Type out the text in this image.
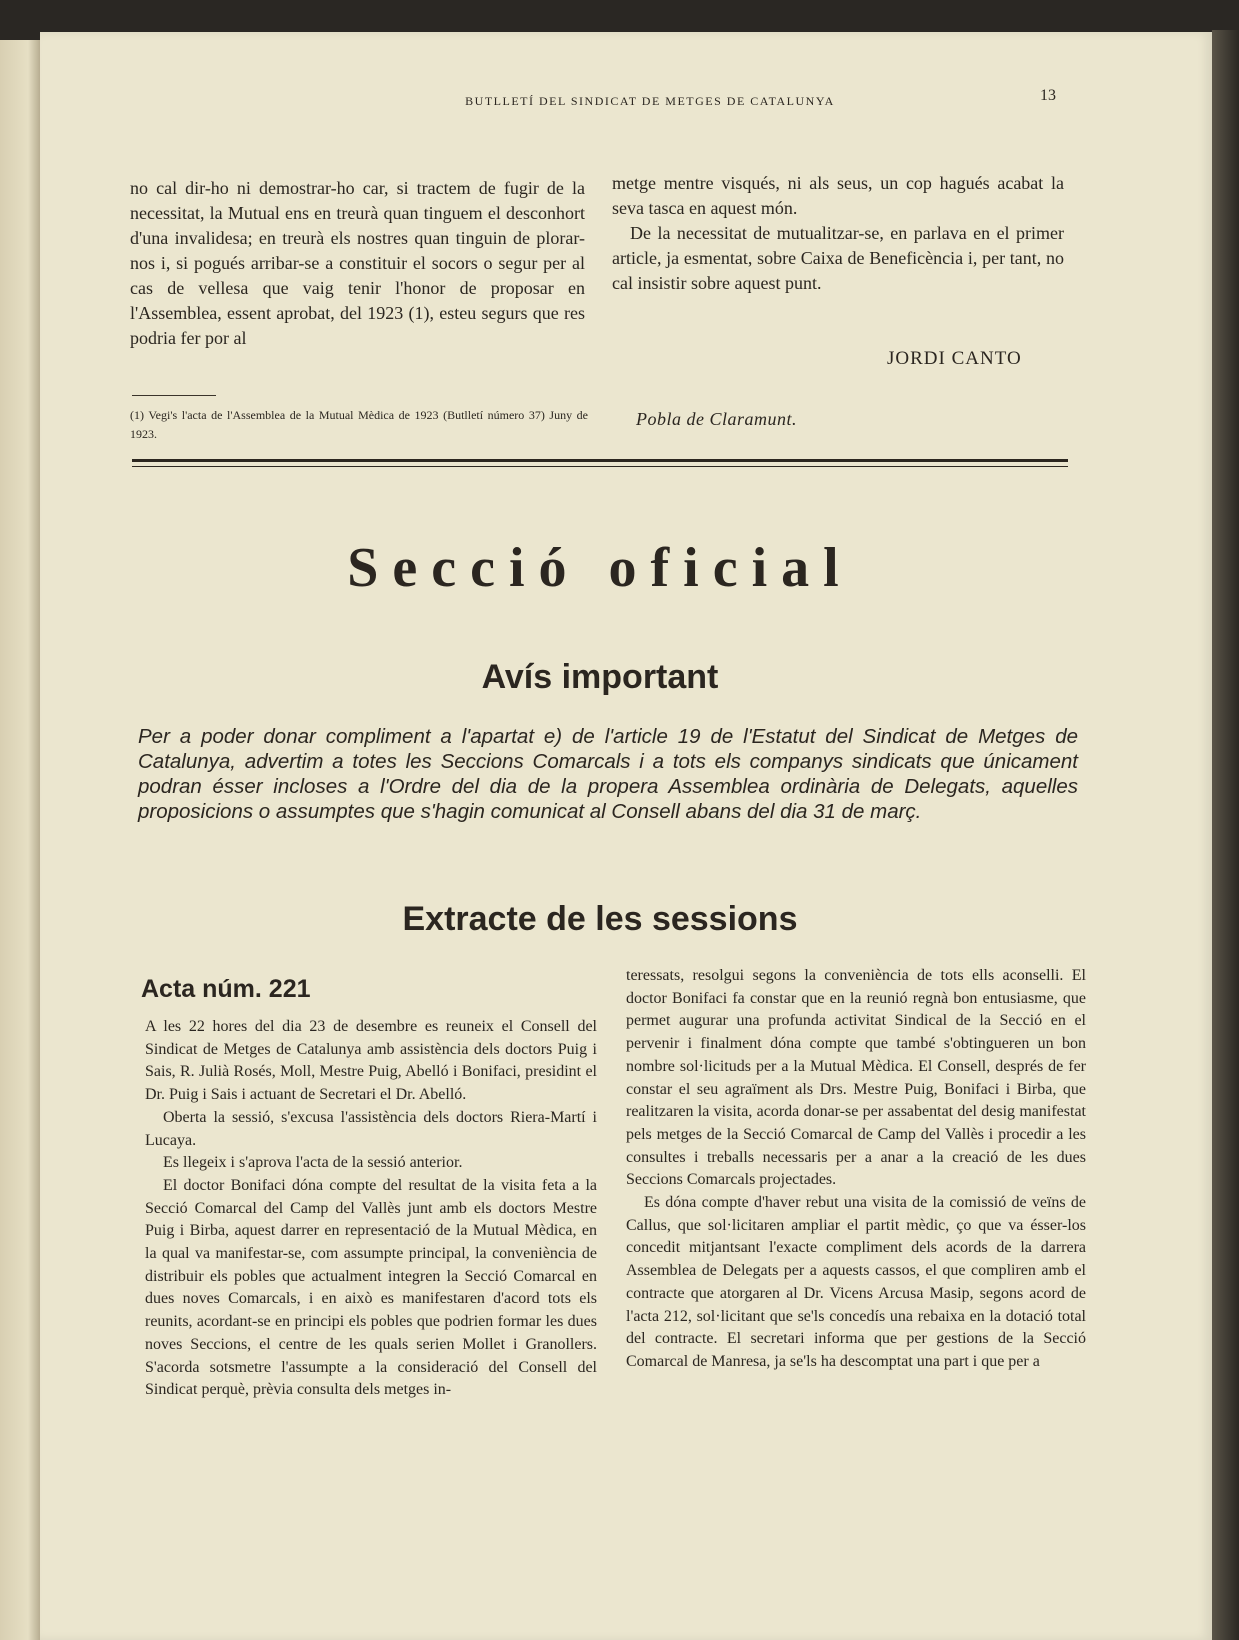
BUTLLETÍ DEL SINDICAT DE METGES DE CATALUNYA	13

no cal dir-ho ni demostrar-ho car, si tractem de fugir de la necessitat, la Mutual ens en treurà quan tinguem el desconhort d'una invalidesa; en treurà els nostres quan tinguin de plorar-nos i, si pogués arribar-se a constituir el socors o segur per al cas de vellesa que vaig tenir l'honor de proposar en l'Assemblea, essent aprobat, del 1923 (1), esteu segurs que res podria fer por al

metge mentre visqués, ni als seus, un cop hagués acabat la seva tasca en aquest món.

De la necessitat de mutualitzar-se, en parlava en el primer article, ja esmentat, sobre Caixa de Beneficència i, per tant, no cal insistir sobre aquest punt.

JORDI CANTO
Pobla de Claramunt.
(1) Vegi's l'acta de l'Assemblea de la Mutual Mèdica de 1923 (Butlletí número 37) Juny de 1923.
Secció oficial
Avís important
Per a poder donar compliment a l'apartat e) de l'article 19 de l'Estatut del Sindicat de Metges de Catalunya, advertim a totes les Seccions Comarcals i a tots els companys sindicats que únicament podran ésser incloses a l'Ordre del dia de la propera Assemblea ordinària de Delegats, aquelles proposicions o assumptes que s'hagin comunicat al Consell abans del dia 31 de març.
Extracte de les sessions
Acta núm. 221

A les 22 hores del dia 23 de desembre es reuneix el Consell del Sindicat de Metges de Catalunya amb assistència dels doctors Puig i Sais, R. Julià Rosés, Moll, Mestre Puig, Abelló i Bonifaci, presidint el Dr. Puig i Sais i actuant de Secretari el Dr. Abelló.

Oberta la sessió, s'excusa l'assistència dels doctors Riera-Martí i Lucaya.

Es llegeix i s'aprova l'acta de la sessió anterior.

El doctor Bonifaci dóna compte del resultat de la visita feta a la Secció Comarcal del Camp del Vallès junt amb els doctors Mestre Puig i Birba, aquest darrer en representació de la Mutual Mèdica, en la qual va manifestar-se, com assumpte principal, la conveniència de distribuir els pobles que actualment integren la Secció Comarcal en dues noves Comarcals, i en això es manifestaren d'acord tots els reunits, acordant-se en principi els pobles que podrien formar les dues noves Seccions, el centre de les quals serien Mollet i Granollers. S'acorda sotsmetre l'assumpte a la consideració del Consell del Sindicat perquè, prèvia consulta dels metges in-

teressats, resolgui segons la conveniència de tots ells aconselli. El doctor Bonifaci fa constar que en la reunió regnà bon entusiasme, que permet augurar una profunda activitat Sindical de la Secció en el pervenir i finalment dóna compte que també s'obtingueren un bon nombre sol·licituds per a la Mutual Mèdica. El Consell, després de fer constar el seu agraïment als Drs. Mestre Puig, Bonifaci i Birba, que realitzaren la visita, acorda donar-se per assabentat del desig manifestat pels metges de la Secció Comarcal de Camp del Vallès i procedir a les consultes i treballs necessaris per a anar a la creació de les dues Seccions Comarcals projectades.

Es dóna compte d'haver rebut una visita de la comissió de veïns de Callus, que sol·licitaren ampliar el partit mèdic, ço que va ésser-los concedit mitjantsant l'exacte compliment dels acords de la darrera Assemblea de Delegats per a aquests cassos, el que compliren amb el contracte que atorgaren al Dr. Vicens Arcusa Masip, segons acord de l'acta 212, sol·licitant que se'ls concedís una rebaixa en la dotació total del contracte. El secretari informa que per gestions de la Secció Comarcal de Manresa, ja se'ls ha descomptat una part i que per a
